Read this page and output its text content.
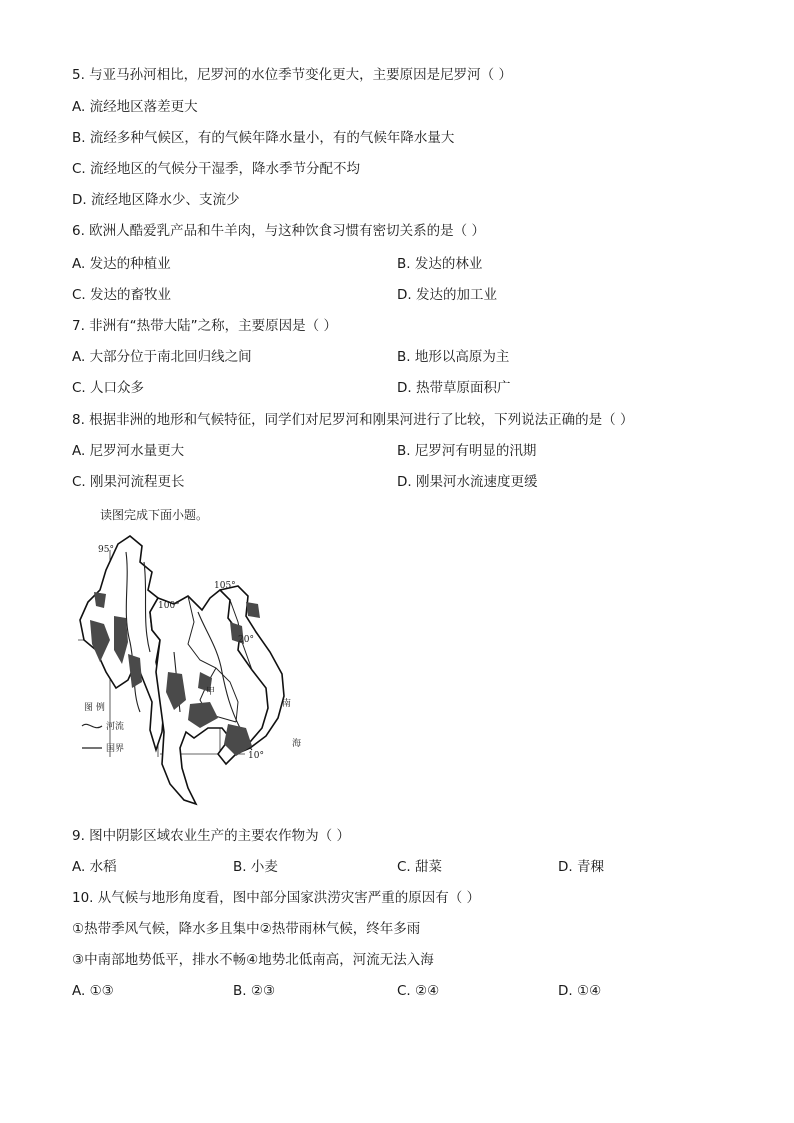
5. 与亚马孙河相比，尼罗河的水位季节变化更大，主要原因是尼罗河（ ）
A. 流经地区落差更大
B. 流经多种气候区，有的气候年降水量小，有的气候年降水量大
C. 流经地区的气候分干湿季，降水季节分配不均
D. 流经地区降水少、支流少
6. 欧洲人酷爱乳产品和牛羊肉，与这种饮食习惯有密切关系的是（ ）
A. 发达的种植业	B. 发达的林业
C. 发达的畜牧业	D. 发达的加工业
7. 非洲有“热带大陆”之称，主要原因是（ ）
A. 大部分位于南北回归线之间	B. 地形以高原为主
C. 人口众多	D. 热带草原面积广
8. 根据非洲的地形和气候特征，同学们对尼罗河和刚果河进行了比较，下列说法正确的是（ ）
A. 尼罗河水量更大	B. 尼罗河有明显的汛期
C. 刚果河流程更长	D. 刚果河水流速度更缓
读图完成下面小题。
95°
100°
105°
20°
10°
甲
南
海
图 例
河流
国界
9. 图中阴影区域农业生产的主要农作物为（ ）
A. 水稻	B. 小麦	C. 甜菜	D. 青稞
10. 从气候与地形角度看，图中部分国家洪涝灾害严重的原因有（ ）
①热带季风气候，降水多且集中②热带雨林气候，终年多雨
③中南部地势低平，排水不畅④地势北低南高，河流无法入海
A. ①③	B. ②③	C. ②④	D. ①④
